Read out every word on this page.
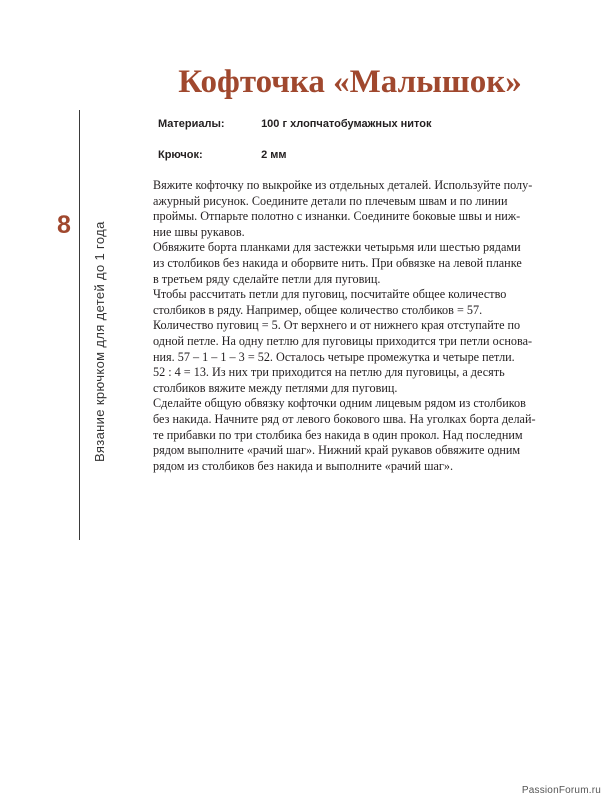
8	Вязание крючком для детей до 1 года
Кофточка «Малышок»
Материалы:	100 г хлопчатобумажных ниток
Крючок:	2 мм
Вяжите кофточку по выкройке из отдельных деталей. Используйте полу-
ажурный рисунок. Соедините детали по плечевым швам и по линии
проймы. Отпарьте полотно с изнанки. Соедините боковые швы и ниж-
ние швы рукавов.
Обвяжите борта планками для застежки четырьмя или шестью рядами
из столбиков без накида и оборвите нить. При обвязке на левой планке
в третьем ряду сделайте петли для пуговиц.
Чтобы рассчитать петли для пуговиц, посчитайте общее количество
столбиков в ряду. Например, общее количество столбиков = 57.
Количество пуговиц = 5. От верхнего и от нижнего края отступайте по
одной петле. На одну петлю для пуговицы приходится три петли основа-
ния. 57 – 1 – 1 – 3 = 52. Осталось четыре промежутка и четыре петли.
52 : 4 = 13. Из них три приходится на петлю для пуговицы, а десять
столбиков вяжите между петлями для пуговиц.
Сделайте общую обвязку кофточки одним лицевым рядом из столбиков
без накида. Начните ряд от левого бокового шва. На уголках борта делай-
те прибавки по три столбика без накида в один прокол. Над последним
рядом выполните «рачий шаг». Нижний край рукавов обвяжите одним
рядом из столбиков без накида и выполните «рачий шаг».
PassionForum.ru
